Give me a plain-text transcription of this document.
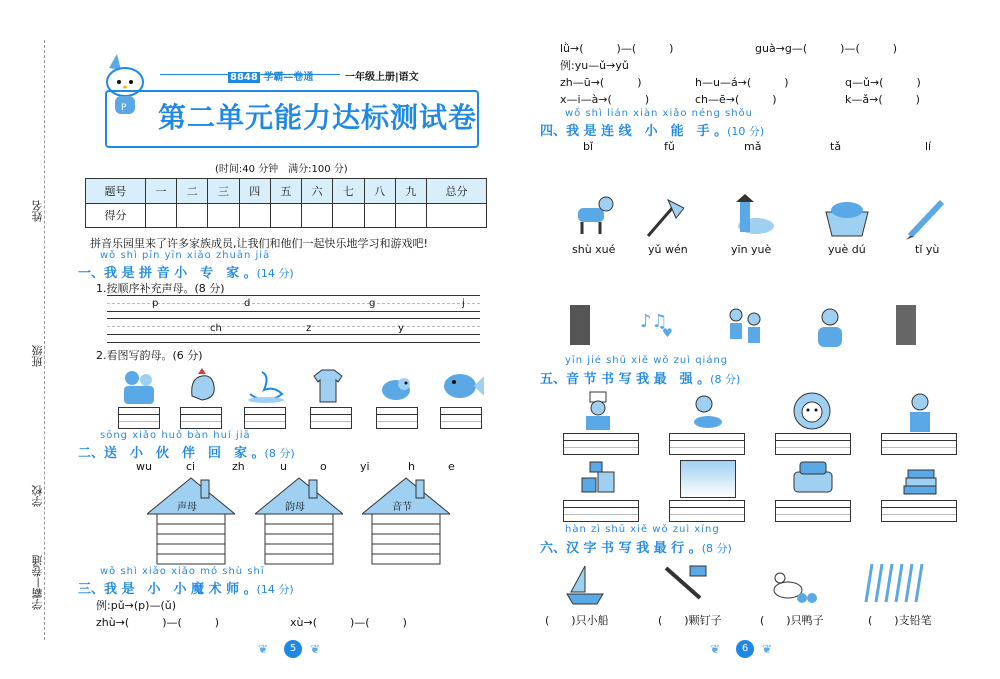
姓名
班级
学校
学霸—卷通
P
8848 学霸—卷通	一年级上册|语文
第二单元能力达标测试卷
(时间:40 分钟　满分:100 分)
题号	一	二	三	四	五	六	七	八	九	总分
得分										
拼音乐园里来了许多家族成员,让我们和他们一起快乐地学习和游戏吧!
wǒ shì pīn yīn xiǎo zhuān jiā
一、我 是 拼 音 小　专　家 。(14 分)
1.按顺序补充声母。(8 分)
p	d	g	j
ch	z	y
2.看图写韵母。(6 分)
sōng xiǎo huǒ bàn huí jiā
二、送　小　伙　伴　回　家 。(8 分)
wu	ci	zh	u	o	yi	h	e
声母	韵母	音节
wǒ shì xiǎo xiǎo mó shù shī
三、我 是　小　小 魔 术 师 。(14 分)
例:pǔ→(p)—(ǔ)
zhù→(　　　)—(　　　)	xù→(　　　)—(　　　)
❦	5	❦
lǜ→(　　　)—(　　　)	guà→g—(　　　)—(　　　)
例:yu—ǔ→yǔ
zh—ū→(　　　)	h—u—á→(　　　)	q—ǔ→(　　　)
x—i—à→(　　　)	ch—ē→(　　　)	k—ǎ→(　　　)
wǒ shì lián xiàn xiǎo néng shǒu
四、我 是 连 线　小　能　手 。(10 分)
bǐ	fǔ	mǎ	tǎ	lí
shù xué	yǔ wén	yīn yuè	yuè dú	tǐ yù
♪♫
♥
yīn jié shū xiě wǒ zuì qiáng
五、音 节 书 写 我 最　强 。(8 分)
hàn zì shū xiě wǒ zuì xíng
六、汉 字 书 写 我 最 行 。(8 分)
(　　)只小船	(　　)颗钉子	(　　)只鸭子	(　　)支铅笔
❦	6	❦
